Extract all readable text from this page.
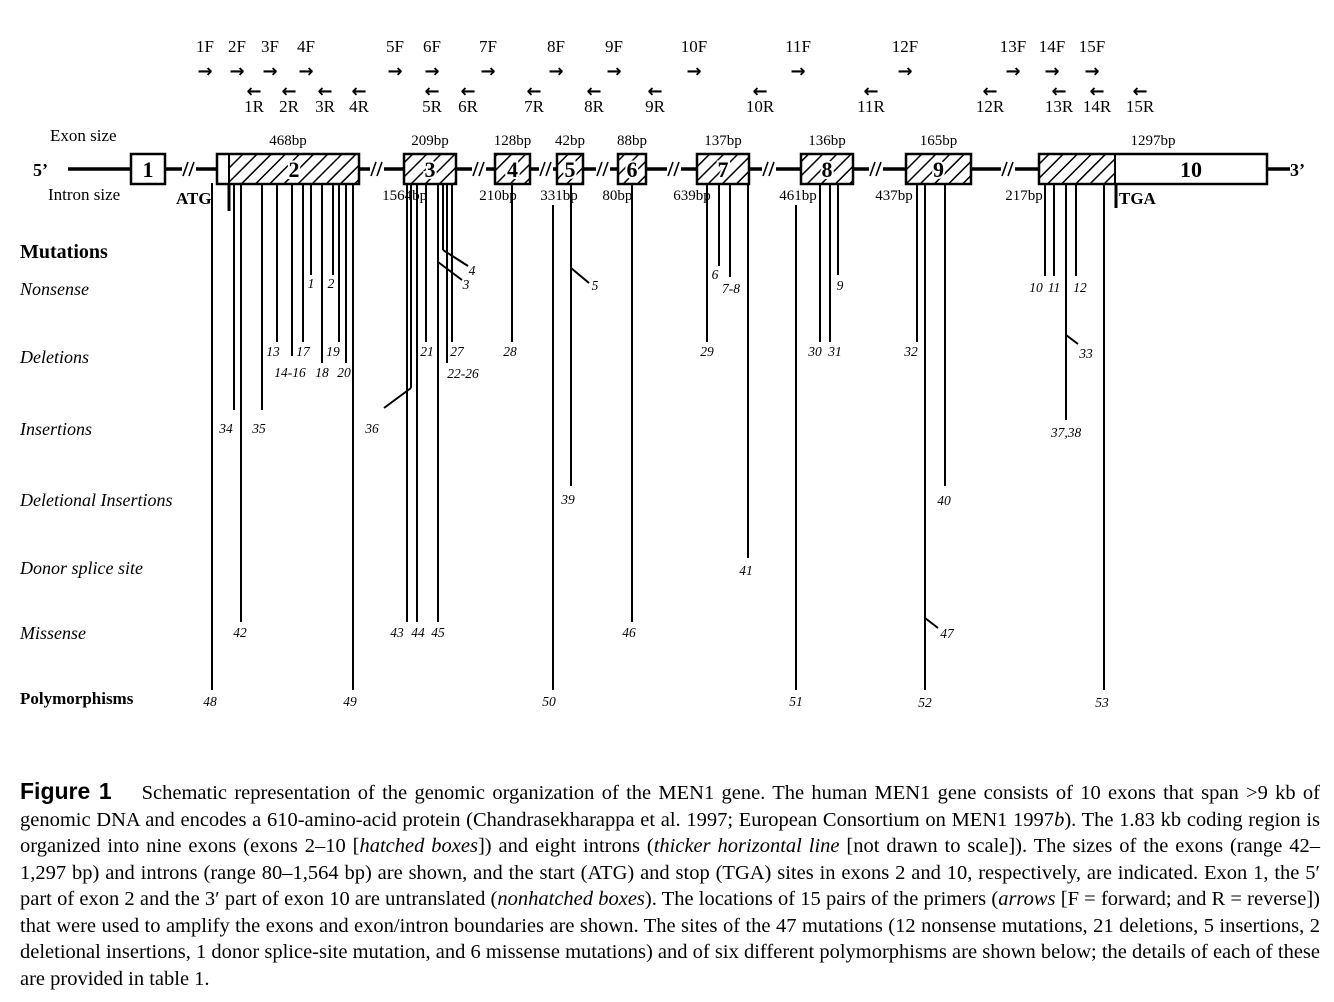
1F
→
2F
→
3F
→
4F
→
5F
→
6F
→
7F
→
8F
→
9F
→
10F
→
11F
→
12F
→
13F
→
14F
→
15F
→
←
1R
←
2R
←
3R
←
4R
←
5R
←
6R
←
7R
←
8R
←
9R
←
10R
←
11R
←
12R
←
13R
←
14R
←
15R
Exon size
Intron size
5’	3’
1	2	3	4 5 6	7	8	9	10
468bp	209bp	128bp 42bp 88bp	137bp	136bp	165bp	1297bp
1564bp	210bp 331bp 80bp	639bp	461bp	437bp	217bp
ATG	TGA
1 2
4
3	5
6
7-8	9	10 11 12
13 17 19
14-16 18 20
21 27
22-26
28	29	30 31	32	33
34 35	36	37,38
39	40
41
42	43 44 45	46	47
48	49	50	51	52	53
Mutations
Nonsense
Deletions
Insertions
Deletional Insertions
Donor splice site
Missense
Polymorphisms
Figure 1 Schematic representation of the genomic organization of the MEN1 gene. The human MEN1 gene consists of 10 exons that span >9 kb of genomic DNA and encodes a 610-amino-acid protein (Chandrasekharappa et al. 1997; European Consortium on MEN1 1997b). The 1.83 kb coding region is organized into nine exons (exons 2–10 [hatched boxes]) and eight introns (thicker horizontal line [not drawn to scale]). The sizes of the exons (range 42–1,297 bp) and introns (range 80–1,564 bp) are shown, and the start (ATG) and stop (TGA) sites in exons 2 and 10, respectively, are indicated. Exon 1, the 5′ part of exon 2 and the 3′ part of exon 10 are untranslated (nonhatched boxes). The locations of 15 pairs of the primers (arrows [F = forward; and R = reverse]) that were used to amplify the exons and exon/intron boundaries are shown. The sites of the 47 mutations (12 nonsense mutations, 21 deletions, 5 insertions, 2 deletional insertions, 1 donor splice-site mutation, and 6 missense mutations) and of six different polymorphisms are shown below; the details of each of these are provided in table 1.
